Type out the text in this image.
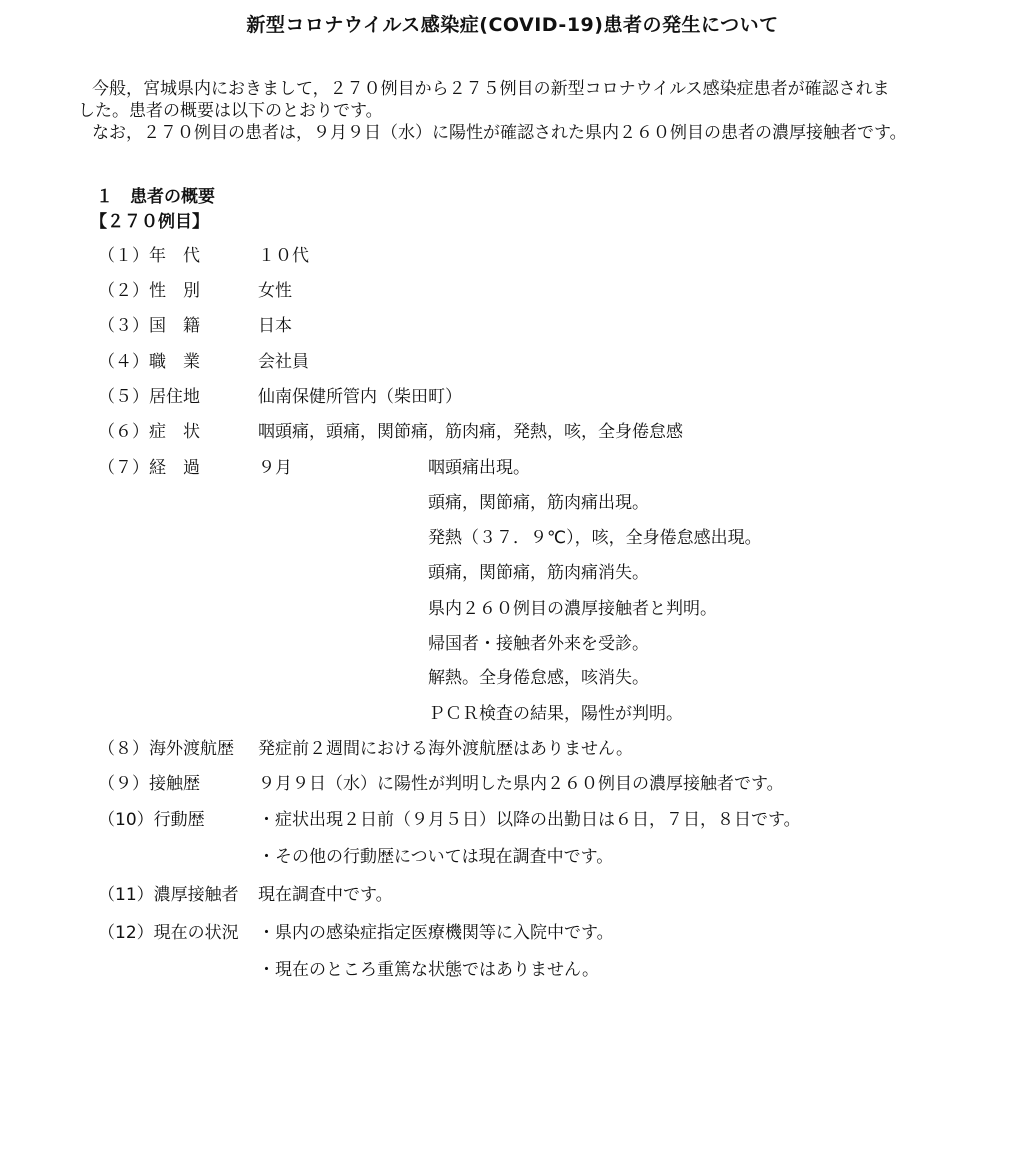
新型コロナウイルス感染症(COVID-19)患者の発生について
今般，宮城県内におきまして，２７０例目から２７５例目の新型コロナウイルス感染症患者が確認されま
した。患者の概要は以下のとおりです。
なお，２７０例目の患者は，９月９日（水）に陽性が確認された県内２６０例目の患者の濃厚接触者です。
１　患者の概要
【２７０例目】
（１）年　代	１０代
（２）性　別	女性
（３）国　籍	日本
（４）職　業	会社員
（５）居住地	仙南保健所管内（柴田町）
（６）症　状	咽頭痛，頭痛，関節痛，筋肉痛，発熱，咳，全身倦怠感
（７）経　過	９月	咽頭痛出現。
頭痛，関節痛，筋肉痛出現。
発熱（３７．９℃），咳，全身倦怠感出現。
頭痛，関節痛，筋肉痛消失。
県内２６０例目の濃厚接触者と判明。
帰国者・接触者外来を受診。
解熱。全身倦怠感，咳消失。
ＰＣＲ検査の結果，陽性が判明。
（８）海外渡航歴 発症前２週間における海外渡航歴はありません。
（９）接触歴	９月９日（水）に陽性が判明した県内２６０例目の濃厚接触者です。
（10）行動歴	・症状出現２日前（９月５日）以降の出勤日は６日，７日，８日です。
・その他の行動歴については現在調査中です。
（11）濃厚接触者 現在調査中です。
（12）現在の状況 ・県内の感染症指定医療機関等に入院中です。
・現在のところ重篤な状態ではありません。
